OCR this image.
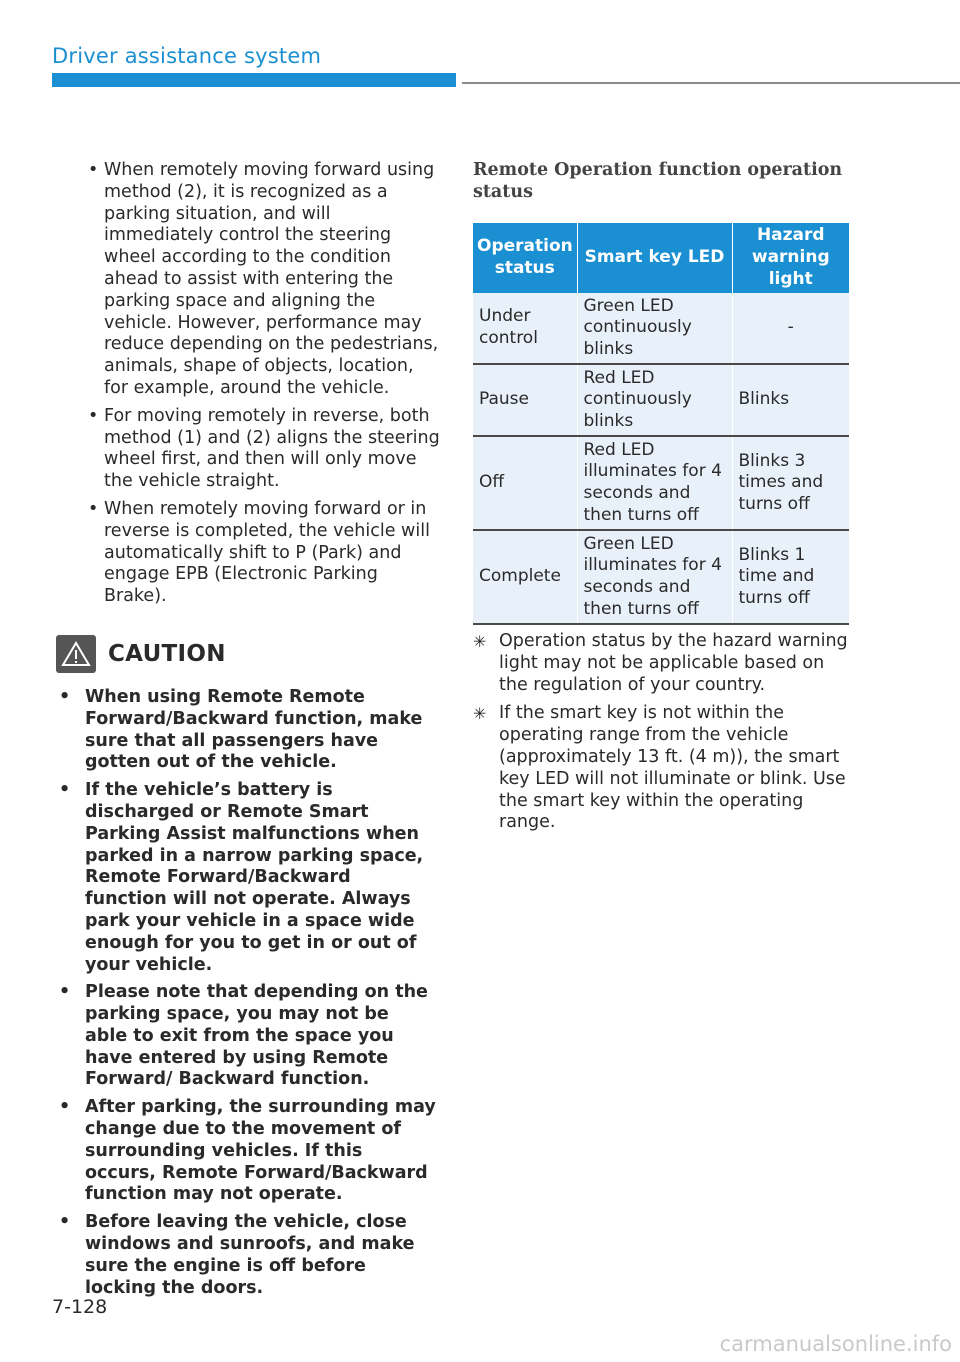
Driver assistance system
• When remotely moving forward using method (2), it is recognized as a parking situation, and will immediately control the steering wheel according to the condition ahead to assist with entering the parking space and aligning the vehicle. However, performance may reduce depending on the pedestrians, animals, shape of objects, location, for example, around the vehicle.
• For moving remotely in reverse, both method (1) and (2) aligns the steering wheel first, and then will only move the vehicle straight.
• When remotely moving forward or in reverse is completed, the vehicle will automatically shift to P (Park) and engage EPB (Electronic Parking Brake).
CAUTION
• When using Remote Remote Forward/Backward function, make sure that all passengers have gotten out of the vehicle.
• If the vehicle’s battery is discharged or Remote Smart Parking Assist malfunctions when parked in a narrow parking space, Remote Forward/Backward function will not operate. Always park your vehicle in a space wide enough for you to get in or out of your vehicle.
• Please note that depending on the parking space, you may not be able to exit from the space you have entered by using Remote Forward/ Backward function.
• After parking, the surrounding may change due to the movement of surrounding vehicles. If this occurs, Remote Forward/Backward function may not operate.
• Before leaving the vehicle, close windows and sunroofs, and make sure the engine is off before locking the doors.
Remote Operation function operation status
Operation status	Smart key LED	Hazard warning light
Under control	Green LED continuously blinks	-
Pause	Red LED continuously blinks	Blinks
Off	Red LED illuminates for 4 seconds and then turns off	Blinks 3 times and turns off
Complete	Green LED illuminates for 4 seconds and then turns off	Blinks 1 time and turns off
✳ Operation status by the hazard warning light may not be applicable based on the regulation of your country.
✳ If the smart key is not within the operating range from the vehicle (approximately 13 ft. (4 m)), the smart key LED will not illuminate or blink. Use the smart key within the operating range.
7-128
carmanualsonline.info
